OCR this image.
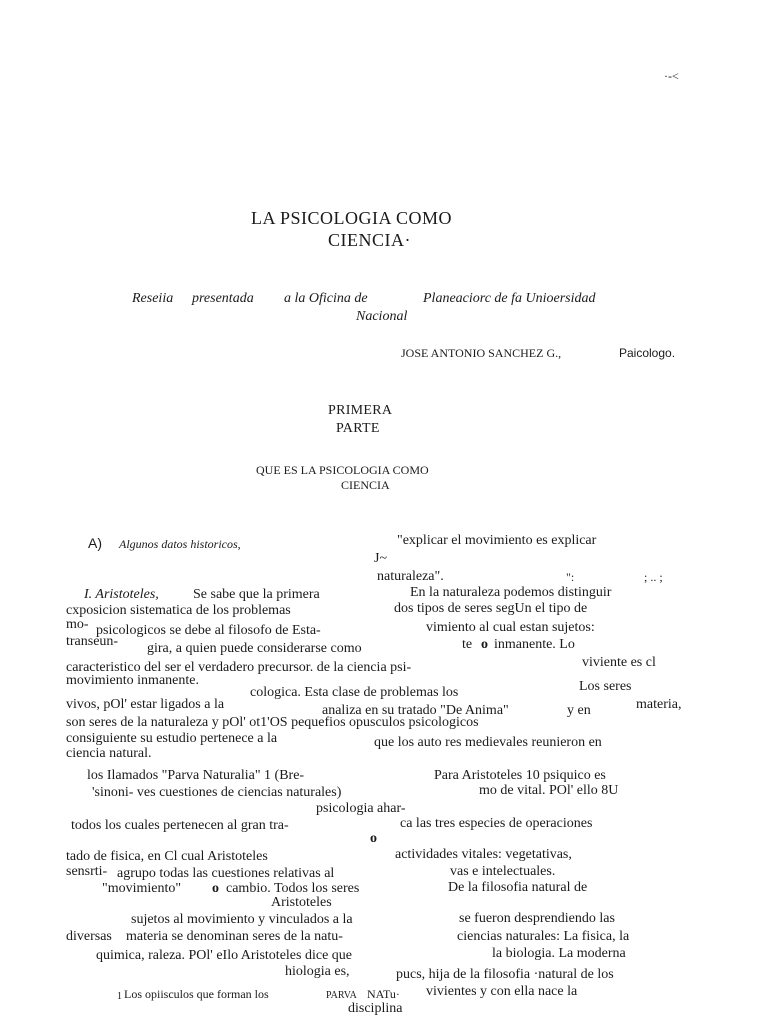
·-<
LA PSICOLOGIA COMO
CIENCIA·
Reseiia presentada a la Oficina de	Planeaciorc de fa Unioersidad
Nacional
JOSE ANTONIO SANCHEZ G.,	Paicologo.
PRIMERA
PARTE
QUE ES LA PSICOLOGIA COMO
CIENCIA
A) Algunos datos historicos,	"explicar el movimiento es explicar
J~
naturaleza".	":	; .. ;
I. Aristoteles, Se sabe que la primera	En la naturaleza podemos distinguir
cxposicion sistematica de los problemas	dos tipos de seres segUn el tipo de
mo- psicologicos se debe al filosofo de Esta-	vimiento al cual estan sujetos:
transeun- gira, a quien puede considerarse como	te o inmanente. Lo
caracteristico del ser el verdadero precursor. de la ciencia psi-	viviente es cl
movimiento inmanente.
cologica. Esta clase de problemas los	Los seres
vivos, pOl' estar ligados a la	analiza en su tratado "De Anima"	y en	materia,
son seres de la naturaleza y pOl' ot1'OS pequefios opusculos psicologicos
consiguiente su estudio pertenece a la	que los auto res medievales reunieron en
ciencia natural.
los Ilamados "Parva Naturalia" 1 (Bre-	Para Aristoteles 10 psiquico es
'sinoni- ves cuestiones de ciencias naturales)	mo de vital. POl' ello 8U
psicologia ahar-
todos los cuales pertenecen al gran tra-	ca las tres especies de operaciones
o
tado de fisica, en Cl cual Aristoteles	actividades vitales: vegetativas,
sensrti- agrupo todas las cuestiones relativas al	vas e intelectuales.
"movimiento" o cambio. Todos los seres	De la filosofia natural de
Aristoteles
sujetos al movimiento y vinculados a la	se fueron desprendiendo las
diversas materia se denominan seres de la natu-	ciencias naturales: La fisica, la
quimica, raleza. POl' eIlo Aristoteles dice que	la biologia. La moderna
hiologia es,	pucs, hija de la filosofia ·natural de los
1 Los opiisculos que forman los	PARVA NATu· vivientes y con ella nace la
disciplina
